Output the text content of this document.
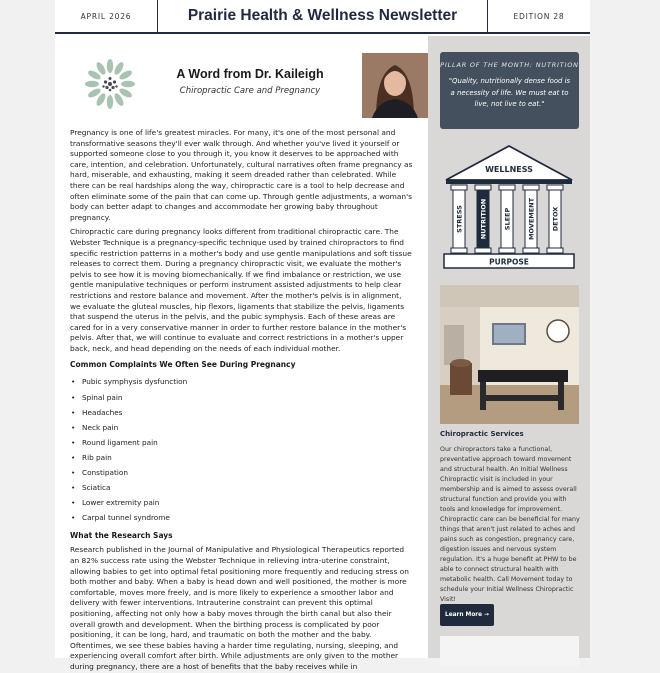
APRIL 2026	Prairie Health & Wellness Newsletter	EDITION 28
A Word from Dr. Kaileigh
Chiropractic Care and Pregnancy

Pregnancy is one of life's greatest miracles. For many, it's one of the most personal and transformative seasons they'll ever walk through. And whether you've lived it yourself or supported someone close to you through it, you know it deserves to be approached with care, intention, and celebration. Unfortunately, cultural narratives often frame pregnancy as hard, miserable, and exhausting, making it seem dreaded rather than celebrated. While there can be real hardships along the way, chiropractic care is a tool to help decrease and often eliminate some of the pain that can come up. Through gentle adjustments, a woman's body can better adapt to changes and accommodate her growing baby throughout pregnancy.

Chiropractic care during pregnancy looks different from traditional chiropractic care. The Webster Technique is a pregnancy-specific technique used by trained chiropractors to find specific restriction patterns in a mother's body and use gentle manipulations and soft tissue releases to correct them. During a pregnancy chiropractic visit, we evaluate the mother's pelvis to see how it is moving biomechanically. If we find imbalance or restriction, we use gentle manipulative techniques or perform instrument assisted adjustments to help clear restrictions and restore balance and movement. After the mother's pelvis is in alignment, we evaluate the gluteal muscles, hip flexors, ligaments that stabilize the pelvis, ligaments that suspend the uterus in the pelvis, and the pubic symphysis. Each of these areas are cared for in a very conservative manner in order to further restore balance in the mother's pelvis. After that, we will continue to evaluate and correct restrictions in a mother's upper back, neck, and head depending on the needs of each individual mother.

Common Complaints We Often See During Pregnancy
• Pubic symphysis dysfunction
• Spinal pain
• Headaches
• Neck pain
• Round ligament pain
• Rib pain
• Constipation
• Sciatica
• Lower extremity pain
• Carpal tunnel syndrome
What the Research Says

Research published in the Journal of Manipulative and Physiological Therapeutics reported an 82% success rate using the Webster Technique in relieving intra-uterine constraint, allowing babies to get into optimal fetal positioning more frequently and reducing stress on both mother and baby. When a baby is head down and well positioned, the mother is more comfortable, moves more freely, and is more likely to experience a smoother labor and delivery with fewer interventions. Intrauterine constraint can prevent this optimal positioning, affecting not only how a baby moves through the birth canal but also their overall growth and development. When the birthing process is complicated by poor positioning, it can be long, hard, and traumatic on both the mother and the baby. Oftentimes, we see these babies having a harder time regulating, nursing, sleeping, and experiencing overall comfort after birth. While adjustments are only given to the mother during pregnancy, there are a host of benefits that the baby receives while in

PILLAR OF THE MONTH: NUTRITION
"Quality, nutritionally dense food is a necessity of life. We must eat to live, not live to eat."
WELLNESS
STRESS NUTRITION SLEEP MOVEMENT DETOX
PURPOSE
Chiropractic Services

Our chiropractors take a functional, preventative approach toward movement and structural health. An Initial Wellness Chiropractic visit is included in your membership and is aimed to assess overall structural function and provide you with tools and knowledge for improvement. Chiropractic care can be beneficial for many things that aren't just related to aches and pains such as congestion, pregnancy care, digestion issues and nervous system regulation. It's a huge benefit at PHW to be able to connect structural health with metabolic health. Call Movement today to schedule your Initial Wellness Chiropractic Visit!

Learn More →
